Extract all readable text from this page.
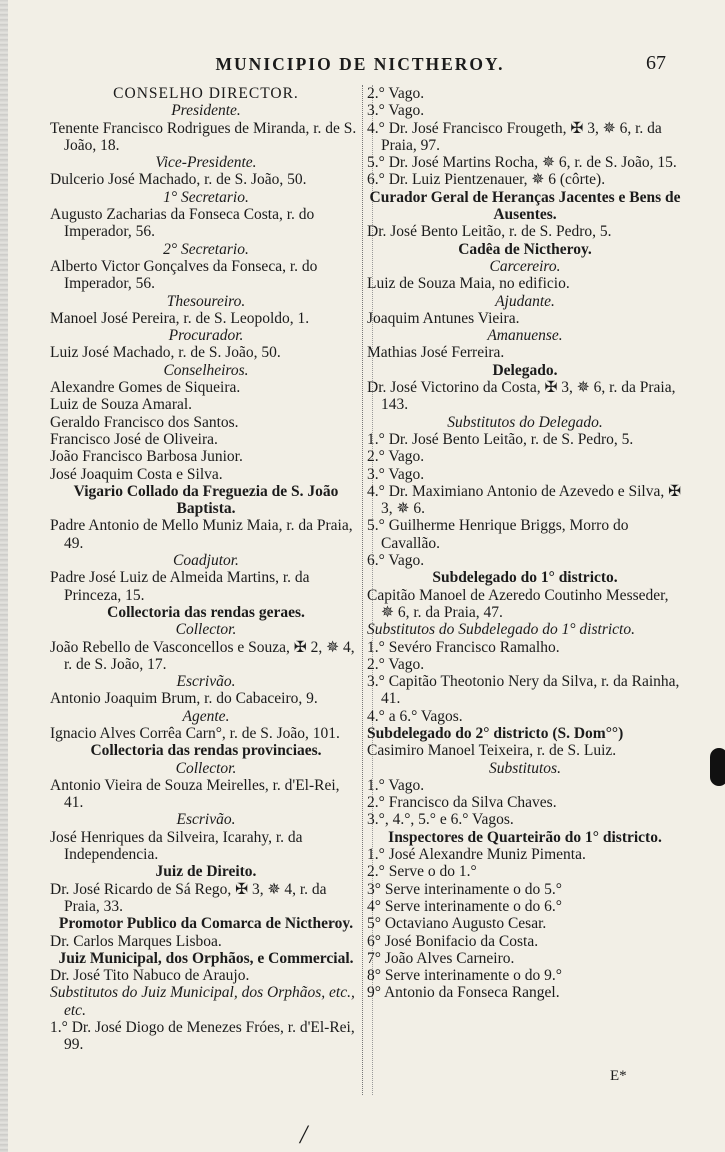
MUNICIPIO DE NICTHEROY.	67

CONSELHO DIRECTOR.

Presidente.

Tenente Francisco Rodrigues de Miranda, r. de S. João, 18.

Vice-Presidente.

Dulcerio José Machado, r. de S. João, 50.

1° Secretario.

Augusto Zacharias da Fonseca Costa, r. do Imperador, 56.

2° Secretario.

Alberto Victor Gonçalves da Fonseca, r. do Imperador, 56.

Thesoureiro.

Manoel José Pereira, r. de S. Leopoldo, 1.

Procurador.

Luiz José Machado, r. de S. João, 50.

Conselheiros.

Alexandre Gomes de Siqueira.

Luiz de Souza Amaral.

Geraldo Francisco dos Santos.

Francisco José de Oliveira.

João Francisco Barbosa Junior.

José Joaquim Costa e Silva.

Vigario Collado da Freguezia de S. João Baptista.

Padre Antonio de Mello Muniz Maia, r. da Praia, 49.

Coadjutor.

Padre José Luiz de Almeida Martins, r. da Princeza, 15.

Collectoria das rendas geraes.

Collector.

João Rebello de Vasconcellos e Souza, ✠ 2, ✵ 4, r. de S. João, 17.

Escrivão.

Antonio Joaquim Brum, r. do Cabaceiro, 9.

Agente.

Ignacio Alves Corrêa Carn°, r. de S. João, 101.

Collectoria das rendas provinciaes.

Collector.

Antonio Vieira de Souza Meirelles, r. d'El-Rei, 41.

Escrivão.

José Henriques da Silveira, Icarahy, r. da Independencia.

Juiz de Direito.

Dr. José Ricardo de Sá Rego, ✠ 3, ✵ 4, r. da Praia, 33.

Promotor Publico da Comarca de Nictheroy.

Dr. Carlos Marques Lisboa.

Juiz Municipal, dos Orphãos, e Commercial.

Dr. José Tito Nabuco de Araujo.

Substitutos do Juiz Municipal, dos Orphãos, etc., etc.

1.° Dr. José Diogo de Menezes Fróes, r. d'El-Rei, 99.

2.° Vago.

3.° Vago.

4.° Dr. José Francisco Frougeth, ✠ 3, ✵ 6, r. da Praia, 97.

5.° Dr. José Martins Rocha, ✵ 6, r. de S. João, 15.

6.° Dr. Luiz Pientzenauer, ✵ 6 (côrte).

Curador Geral de Heranças Jacentes e Bens de Ausentes.

Dr. José Bento Leitão, r. de S. Pedro, 5.

Cadêa de Nictheroy.

Carcereiro.

Luiz de Souza Maia, no edificio.

Ajudante.

Joaquim Antunes Vieira.

Amanuense.

Mathias José Ferreira.

Delegado.

Dr. José Victorino da Costa, ✠ 3, ✵ 6, r. da Praia, 143.

Substitutos do Delegado.

1.° Dr. José Bento Leitão, r. de S. Pedro, 5.

2.° Vago.

3.° Vago.

4.° Dr. Maximiano Antonio de Azevedo e Silva, ✠ 3, ✵ 6.

5.° Guilherme Henrique Briggs, Morro do Cavallão.

6.° Vago.

Subdelegado do 1° districto.

Capitão Manoel de Azeredo Coutinho Messeder, ✵ 6, r. da Praia, 47.

Substitutos do Subdelegado do 1° districto.

1.° Sevéro Francisco Ramalho.

2.° Vago.

3.° Capitão Theotonio Nery da Silva, r. da Rainha, 41.

4.° a 6.° Vagos.

Subdelegado do 2° districto (S. Dom°°)

Casimiro Manoel Teixeira, r. de S. Luiz.

Substitutos.

1.° Vago.

2.° Francisco da Silva Chaves.

3.°, 4.°, 5.° e 6.° Vagos.

Inspectores de Quarteirão do 1° districto.

1.° José Alexandre Muniz Pimenta.

2.° Serve o do 1.°

3° Serve interinamente o do 5.°

4° Serve interinamente o do 6.°

5° Octaviano Augusto Cesar.

6° José Bonifacio da Costa.

7° João Alves Carneiro.

8° Serve interinamente o do 9.°

9° Antonio da Fonseca Rangel.

E*
/
